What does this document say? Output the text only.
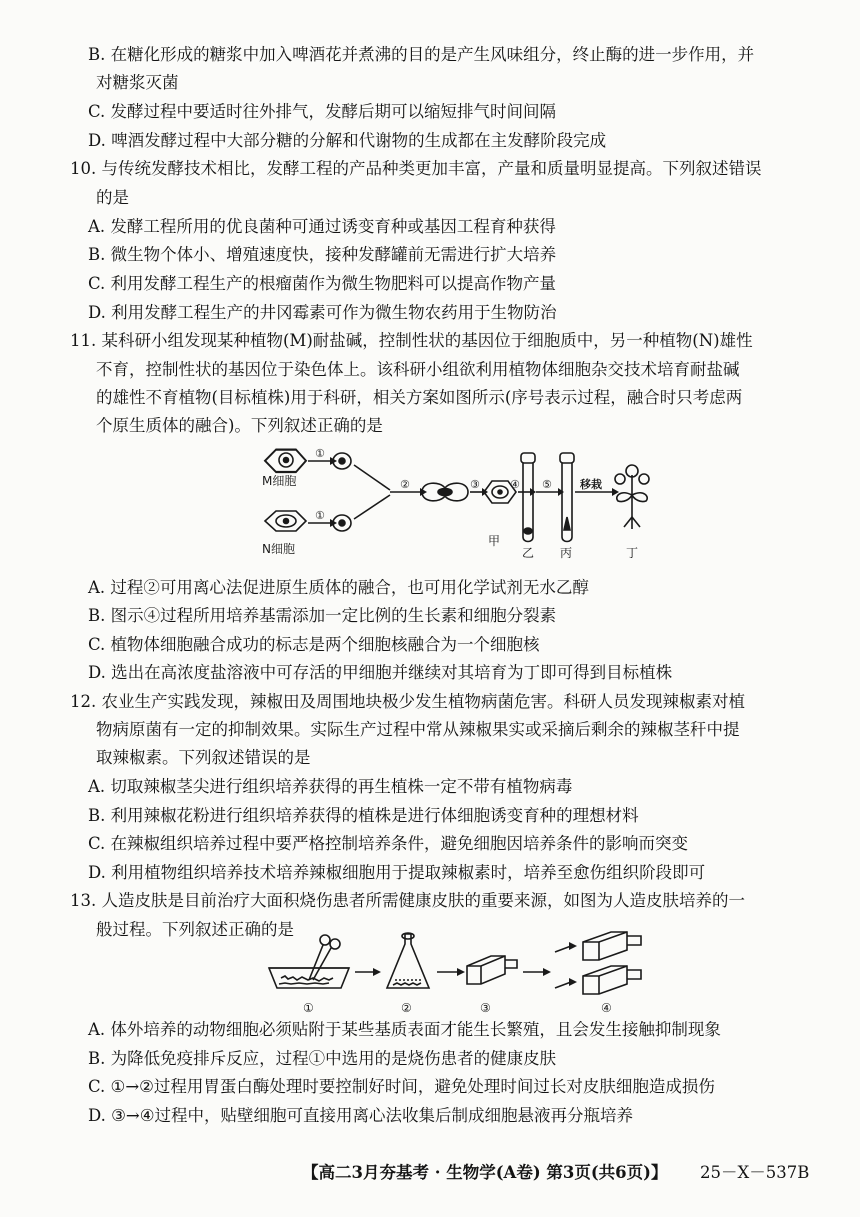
B. 在糖化形成的糖浆中加入啤酒花并煮沸的目的是产生风味组分，终止酶的进一步作用，并
对糖浆灭菌
C. 发酵过程中要适时往外排气，发酵后期可以缩短排气时间间隔
D. 啤酒发酵过程中大部分糖的分解和代谢物的生成都在主发酵阶段完成
10. 与传统发酵技术相比，发酵工程的产品种类更加丰富，产量和质量明显提高。下列叙述错误
的是
A. 发酵工程所用的优良菌种可通过诱变育种或基因工程育种获得
B. 微生物个体小、增殖速度快，接种发酵罐前无需进行扩大培养
C. 利用发酵工程生产的根瘤菌作为微生物肥料可以提高作物产量
D. 利用发酵工程生产的井冈霉素可作为微生物农药用于生物防治
11. 某科研小组发现某种植物(M)耐盐碱，控制性状的基因位于细胞质中，另一种植物(N)雄性
不育，控制性状的基因位于染色体上。该科研小组欲利用植物体细胞杂交技术培育耐盐碱
的雄性不育植物(目标植株)用于科研，相关方案如图所示(序号表示过程，融合时只考虑两
个原生质体的融合)。下列叙述正确的是
①
①
M细胞
N细胞
②	③	④ ⑤	移栽
甲
乙 丙	丁
A. 过程②可用离心法促进原生质体的融合，也可用化学试剂无水乙醇
B. 图示④过程所用培养基需添加一定比例的生长素和细胞分裂素
C. 植物体细胞融合成功的标志是两个细胞核融合为一个细胞核
D. 选出在高浓度盐溶液中可存活的甲细胞并继续对其培育为丁即可得到目标植株
12. 农业生产实践发现，辣椒田及周围地块极少发生植物病菌危害。科研人员发现辣椒素对植
物病原菌有一定的抑制效果。实际生产过程中常从辣椒果实或采摘后剩余的辣椒茎秆中提
取辣椒素。下列叙述错误的是
A. 切取辣椒茎尖进行组织培养获得的再生植株一定不带有植物病毒
B. 利用辣椒花粉进行组织培养获得的植株是进行体细胞诱变育种的理想材料
C. 在辣椒组织培养过程中要严格控制培养条件，避免细胞因培养条件的影响而突变
D. 利用植物组织培养技术培养辣椒细胞用于提取辣椒素时，培养至愈伤组织阶段即可
13. 人造皮肤是目前治疗大面积烧伤患者所需健康皮肤的重要来源，如图为人造皮肤培养的一
般过程。下列叙述正确的是
①	②	③	④
A. 体外培养的动物细胞必须贴附于某些基质表面才能生长繁殖，且会发生接触抑制现象
B. 为降低免疫排斥反应，过程①中选用的是烧伤患者的健康皮肤
C. ①→②过程用胃蛋白酶处理时要控制好时间，避免处理时间过长对皮肤细胞造成损伤
D. ③→④过程中，贴壁细胞可直接用离心法收集后制成细胞悬液再分瓶培养
【高二3月夯基考 · 生物学(A卷) 第3页(共6页)】 25－X－537B
